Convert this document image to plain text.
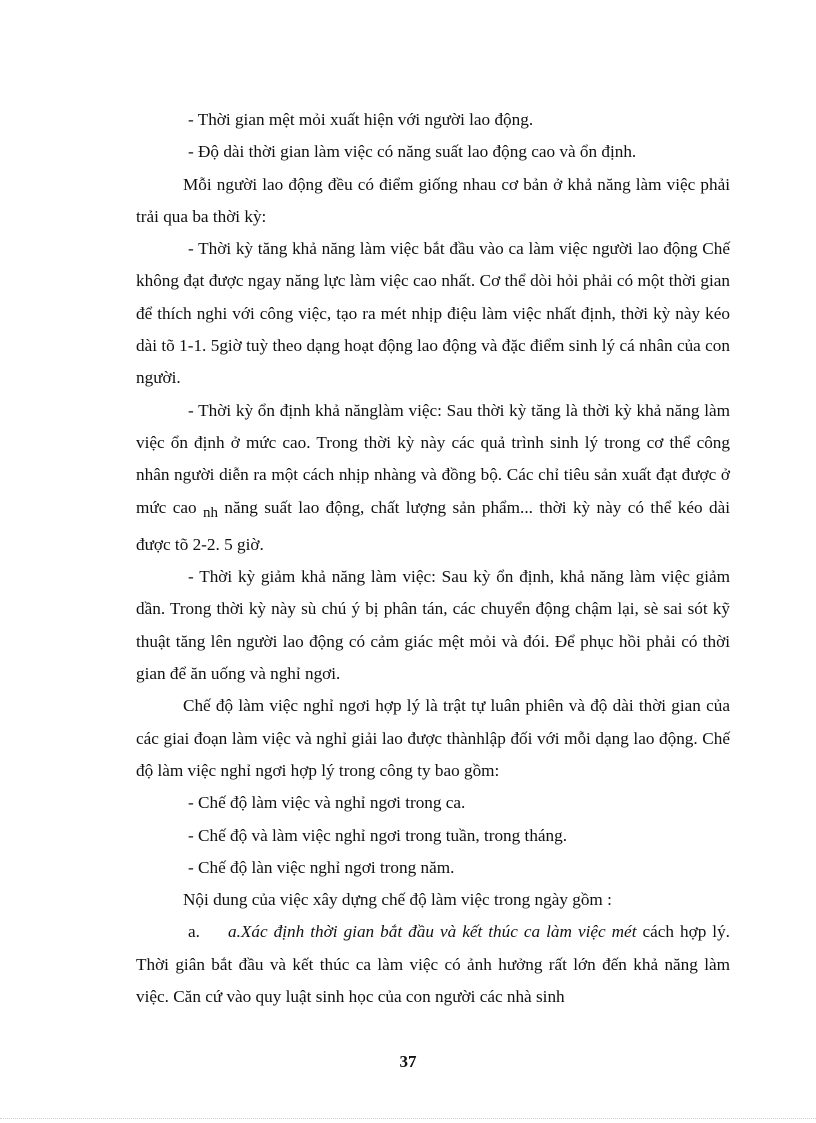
- Thời gian mệt mỏi xuất hiện với người lao động.

- Độ dài thời gian làm việc có năng suất lao động cao và ổn định.

Mỗi người lao động đều có điểm giống nhau cơ bản ở khả năng làm việc phải trải qua ba thời kỳ:

- Thời kỳ tăng khả năng làm việc bắt đầu vào ca làm việc người lao động Chế không đạt được ngay năng lực làm việc cao nhất. Cơ thể dòi hỏi phải có một thời gian để thích nghi với công việc, tạo ra mét nhịp điệu làm việc nhất định, thời kỳ này kéo dài tõ 1-1. 5giờ tuỳ theo dạng hoạt động lao động và đặc điểm sinh lý cá nhân của con người.

- Thời kỳ ổn định khả nănglàm việc: Sau thời kỳ tăng là thời kỳ khả năng làm việc ổn định ở mức cao. Trong thời kỳ này các quả trình sinh lý trong cơ thể công nhân người diễn ra một cách nhịp nhàng và đồng bộ. Các chỉ tiêu sản xuất đạt được ở mức cao nh năng suất lao động, chất lượng sản phẩm... thời kỳ này có thể kéo dài được tõ 2-2. 5 giờ.

- Thời kỳ giảm khả năng làm việc: Sau kỳ ổn định, khả năng làm việc giảm dần. Trong thời kỳ này sù chú ý bị phân tán, các chuyển động chậm lại, sè sai sót kỹ thuật tăng lên người lao động có cảm giác mệt mỏi và đói. Để phục hồi phải có thời gian để ăn uống và nghỉ ngơi.

Chế độ làm việc nghỉ ngơi hợp lý là trật tự luân phiên và độ dài thời gian của các giai đoạn làm việc và nghỉ giải lao được thànhlập đối với mỗi dạng lao động. Chế độ làm việc nghỉ ngơi hợp lý trong công ty bao gồm:

- Chế độ làm việc và nghỉ ngơi trong ca.

- Chế độ và làm việc nghỉ ngơi trong tuần, trong tháng.

- Chế độ làn việc nghỉ ngơi trong năm.

Nội dung của việc xây dựng chế độ làm việc trong ngày gồm :

a. a.Xác định thời gian bắt đầu và kết thúc ca làm việc mét cách hợp lý. Thời giân bắt đầu và kết thúc ca làm việc có ảnh hưởng rất lớn đến khả năng làm việc. Căn cứ vào quy luật sinh học của con người các nhà sinh

37
